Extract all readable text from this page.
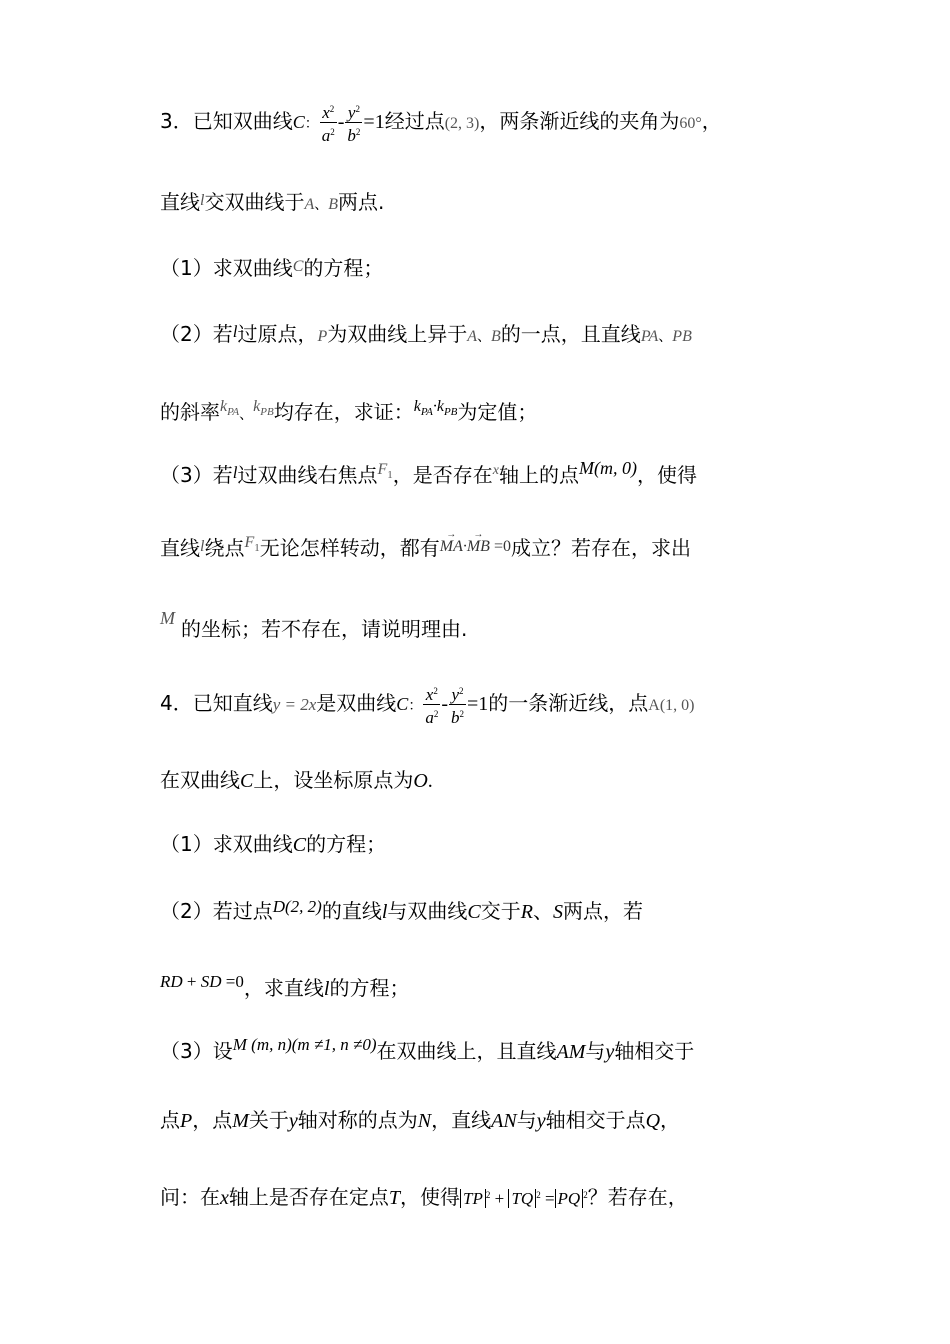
3．已知双曲线C： $\frac{x^2}{a^2} - \frac{y^2}{b^2} =1$经过点(2, 3)，两条渐近线的夹角为60°，
直线$^l$交双曲线于A、B两点.
（1）求双曲线$^C$的方程；
（2）若$^l$过原点，P为双曲线上异于A、B的一点，且直线PA、PB
的斜率$^{k_{PA}}$、$^{k_{PB}}$均存在，求证：$^{k_{PA}\cdot k_{PB}}$为定值；
（3）若$^l$过双曲线右焦点$^{F_1}$，是否存在$^x$轴上的点M(m, 0)，使得
直线$^l$绕点$^{F_1}$无论怎样转动，都有→ $^{MA\cdot\to MB =0}$成立？若存在，求出
M 的坐标；若不存在，请说明理由.
4．已知直线y = 2x是双曲线C： $\frac{x^2}{a^2} - \frac{y^2}{b^2} =1$的一条渐近线，点A(1, 0)
在双曲线C上，设坐标原点为O.
（1）求双曲线C的方程；
（2）若过点$^{D(2, 2)}$的直线l与双曲线C交于R、S两点，若
$^{RD + SD =0}$，求直线l的方程；
（3）设$^{M (m, n)(m \ne 1, n \ne 0)}$在双曲线上，且直线AM与y轴相交于
点P，点M关于y轴对称的点为N，直线AN与y轴相交于点Q，
问：在x轴上是否存在定点T，使得 TP $^2$ + TQ $^2$ = PQ $^2$？若存在，
